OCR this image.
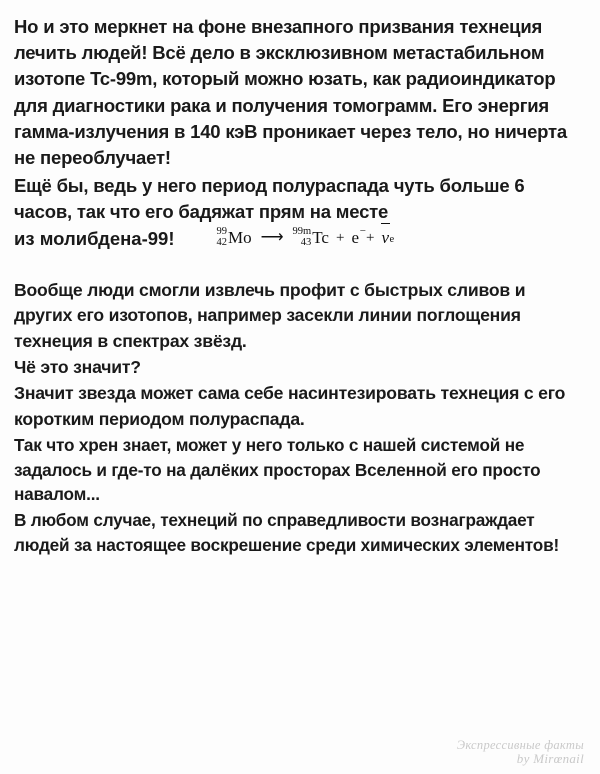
Но и это меркнет на фоне внезапного призвания технеция лечить людей! Всё дело в эксклюзивном метастабильном изотопе Tc-99m, который можно юзать, как радиоиндикатор для диагностики рака и получения томограмм. Его энергия гамма-излучения в 140 кэВ проникает через тело, но ничерта не переоблучает!

Ещё бы, ведь у него период полураспада чуть больше 6 часов, так что его бадяжат прям на месте

из молибдена-99!	99
42 Mo ⟶ 99m
43 Tc + e − + ν e

Вообще люди смогли извлечь профит с быстрых сливов и других его изотопов, например засекли линии поглощения технеция в спектрах звёзд.

Чё это значит?

Значит звезда может сама себе насинтезировать технеция с его коротким периодом полураспада.

Так что хрен знает, может у него только с нашей системой не задалось и где-то на далёких просторах Вселенной его просто навалом...

В любом случае, технеций по справедливости вознаграждает людей за настоящее воскрешение среди химических элементов!

Экспрессивные факты
by Mirœnail
